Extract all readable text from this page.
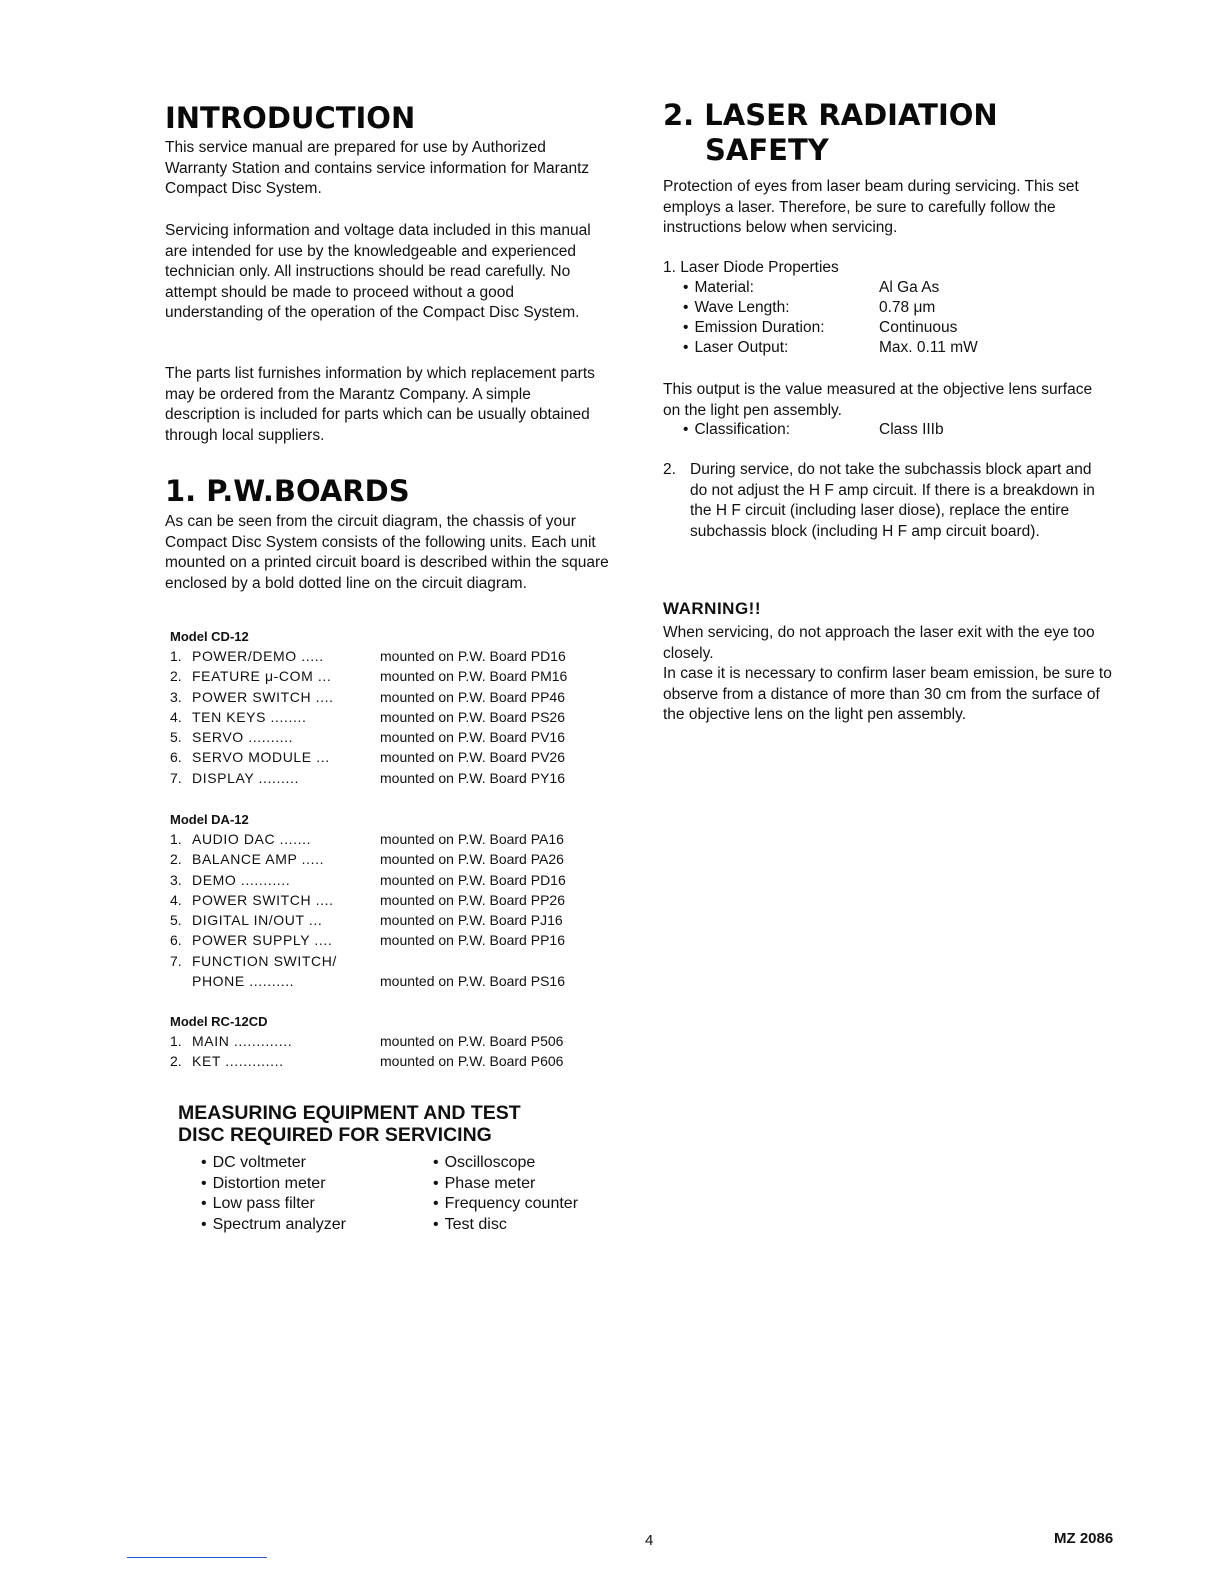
INTRODUCTION

This service manual are prepared for use by Authorized Warranty Station and contains service information for Marantz Compact Disc System.

Servicing information and voltage data included in this manual are intended for use by the knowledgeable and experienced technician only. All instructions should be read carefully. No attempt should be made to proceed without a good understanding of the operation of the Compact Disc System.

The parts list furnishes information by which replacement parts may be ordered from the Marantz Company. A simple description is included for parts which can be usually obtained through local suppliers.

1. P.W.BOARDS

As can be seen from the circuit diagram, the chassis of your Compact Disc System consists of the following units. Each unit mounted on a printed circuit board is described within the square enclosed by a bold dotted line on the circuit diagram.

Model CD-12
1. POWER/DEMO .....	mounted on P.W. Board PD16
2. FEATURE μ-COM ...	mounted on P.W. Board PM16
3. POWER SWITCH ....	mounted on P.W. Board PP46
4. TEN KEYS ........	mounted on P.W. Board PS26
5. SERVO ..........	mounted on P.W. Board PV16
6. SERVO MODULE ...	mounted on P.W. Board PV26
7. DISPLAY .........	mounted on P.W. Board PY16
Model DA-12
1. AUDIO DAC .......	mounted on P.W. Board PA16
2. BALANCE AMP .....	mounted on P.W. Board PA26
3. DEMO ...........	mounted on P.W. Board PD16
4. POWER SWITCH ....	mounted on P.W. Board PP26
5. DIGITAL IN/OUT ...	mounted on P.W. Board PJ16
6. POWER SUPPLY ....	mounted on P.W. Board PP16
7. FUNCTION SWITCH/
PHONE ..........	mounted on P.W. Board PS16
Model RC-12CD
1. MAIN .............	mounted on P.W. Board P506
2. KET .............	mounted on P.W. Board P606
MEASURING EQUIPMENT AND TEST
DISC REQUIRED FOR SERVICING
• DC voltmeter	• Oscilloscope
• Distortion meter	• Phase meter
• Low pass filter	• Frequency counter
• Spectrum analyzer	• Test disc
2. LASER RADIATION
SAFETY

Protection of eyes from laser beam during servicing. This set employs a laser. Therefore, be sure to carefully follow the instructions below when servicing.

1. Laser Diode Properties

• Material:	Al Ga As
• Wave Length:	0.78 μm
• Emission Duration:	Continuous
• Laser Output:	Max. 0.11 mW

This output is the value measured at the objective lens surface on the light pen assembly.

• Classification:	Class IIIb
2. During service, do not take the subchassis block apart and do not adjust the H F amp circuit. If there is a breakdown in the H F circuit (including laser diose), replace the entire subchassis block (including H F amp circuit board).

WARNING!!

When servicing, do not approach the laser exit with the eye too closely.

In case it is necessary to confirm laser beam emission, be sure to observe from a distance of more than 30 cm from the surface of the objective lens on the light pen assembly.

4	MZ 2086
